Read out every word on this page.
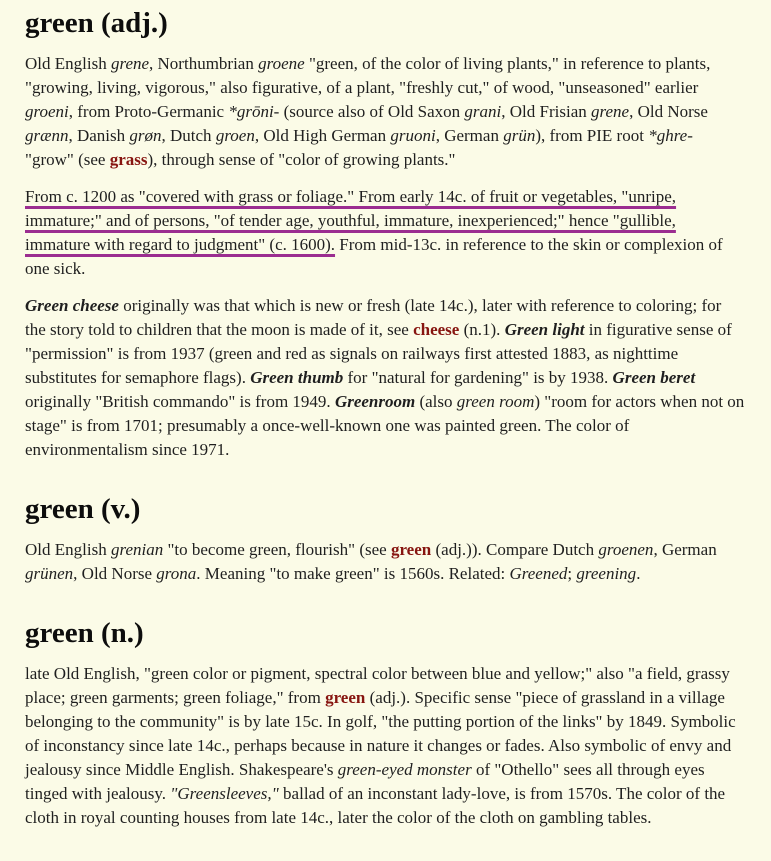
green (adj.)

Old English grene, Northumbrian groene "green, of the color of living plants," in reference to plants, "growing, living, vigorous," also figurative, of a plant, "freshly cut," of wood, "unseasoned" earlier groeni, from Proto-Germanic *grōni- (source also of Old Saxon grani, Old Frisian grene, Old Norse grænn, Danish grøn, Dutch groen, Old High German gruoni, German grün), from PIE root *ghre- "grow" (see grass), through sense of "color of growing plants."

From c. 1200 as "covered with grass or foliage." From early 14c. of fruit or vegetables, "unripe, immature;" and of persons, "of tender age, youthful, immature, inexperienced;" hence "gullible, immature with regard to judgment" (c. 1600). From mid-13c. in reference to the skin or complexion of one sick.

Green cheese originally was that which is new or fresh (late 14c.), later with reference to coloring; for the story told to children that the moon is made of it, see cheese (n.1). Green light in figurative sense of "permission" is from 1937 (green and red as signals on railways first attested 1883, as nighttime substitutes for semaphore flags). Green thumb for "natural for gardening" is by 1938. Green beret originally "British commando" is from 1949. Greenroom (also green room) "room for actors when not on stage" is from 1701; presumably a once-well-known one was painted green. The color of environmentalism since 1971.

green (v.)

Old English grenian "to become green, flourish" (see green (adj.)). Compare Dutch groenen, German grünen, Old Norse grona. Meaning "to make green" is 1560s. Related: Greened; greening.

green (n.)

late Old English, "green color or pigment, spectral color between blue and yellow;" also "a field, grassy place; green garments; green foliage," from green (adj.). Specific sense "piece of grassland in a village belonging to the community" is by late 15c. In golf, "the putting portion of the links" by 1849. Symbolic of inconstancy since late 14c., perhaps because in nature it changes or fades. Also symbolic of envy and jealousy since Middle English. Shakespeare's green-eyed monster of "Othello" sees all through eyes tinged with jealousy. "Greensleeves," ballad of an inconstant lady-love, is from 1570s. The color of the cloth in royal counting houses from late 14c., later the color of the cloth on gambling tables.
